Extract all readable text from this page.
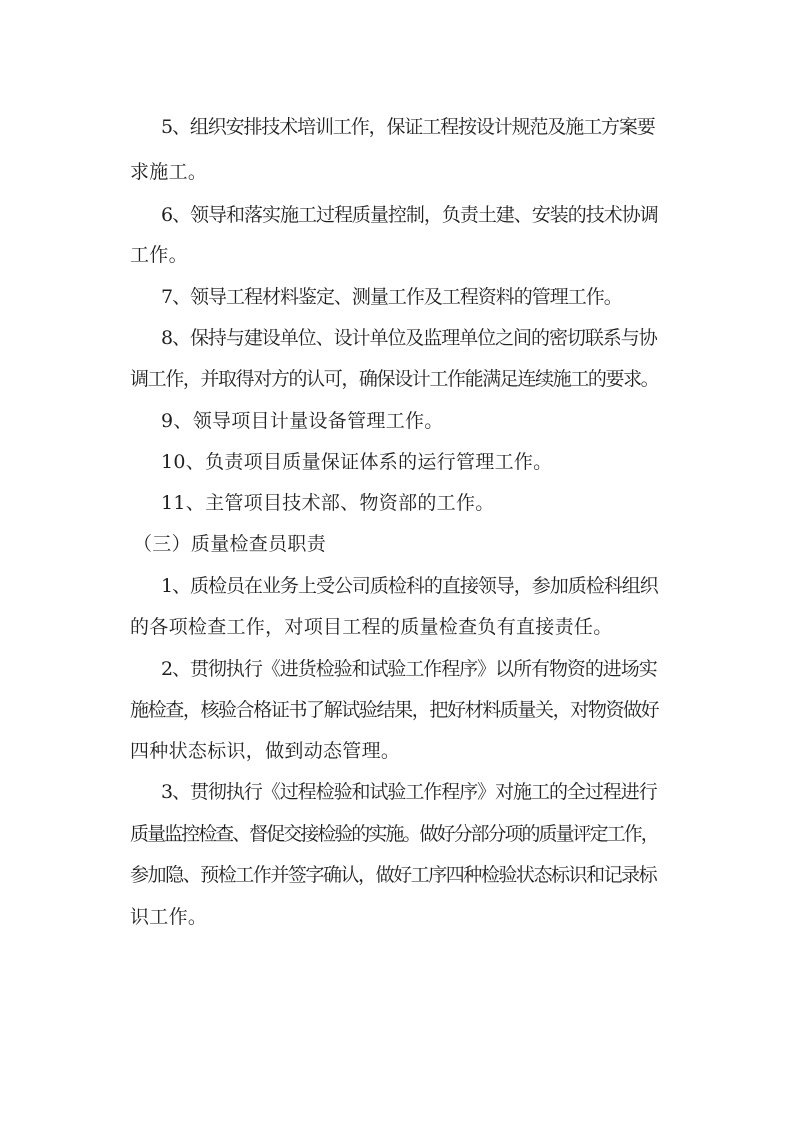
5、组织安排技术培训工作，保证工程按设计规范及施工方案要

求施工。

6、领导和落实施工过程质量控制，负责土建、安装的技术协调

工作。

7、领导工程材料鉴定、测量工作及工程资料的管理工作。

8、保持与建设单位、设计单位及监理单位之间的密切联系与协

调工作，并取得对方的认可，确保设计工作能满足连续施工的要求。

9、领导项目计量设备管理工作。

10、负责项目质量保证体系的运行管理工作。

11、主管项目技术部、物资部的工作。

（三）质量检查员职责

1、质检员在业务上受公司质检科的直接领导，参加质检科组织

的各项检查工作，对项目工程的质量检查负有直接责任。

2、贯彻执行《进货检验和试验工作程序》以所有物资的进场实

施检查，核验合格证书了解试验结果，把好材料质量关，对物资做好

四种状态标识，做到动态管理。

3、贯彻执行《过程检验和试验工作程序》对施工的全过程进行

质量监控检查、督促交接检验的实施。做好分部分项的质量评定工作，

参加隐、预检工作并签字确认，做好工序四种检验状态标识和记录标

识工作。
